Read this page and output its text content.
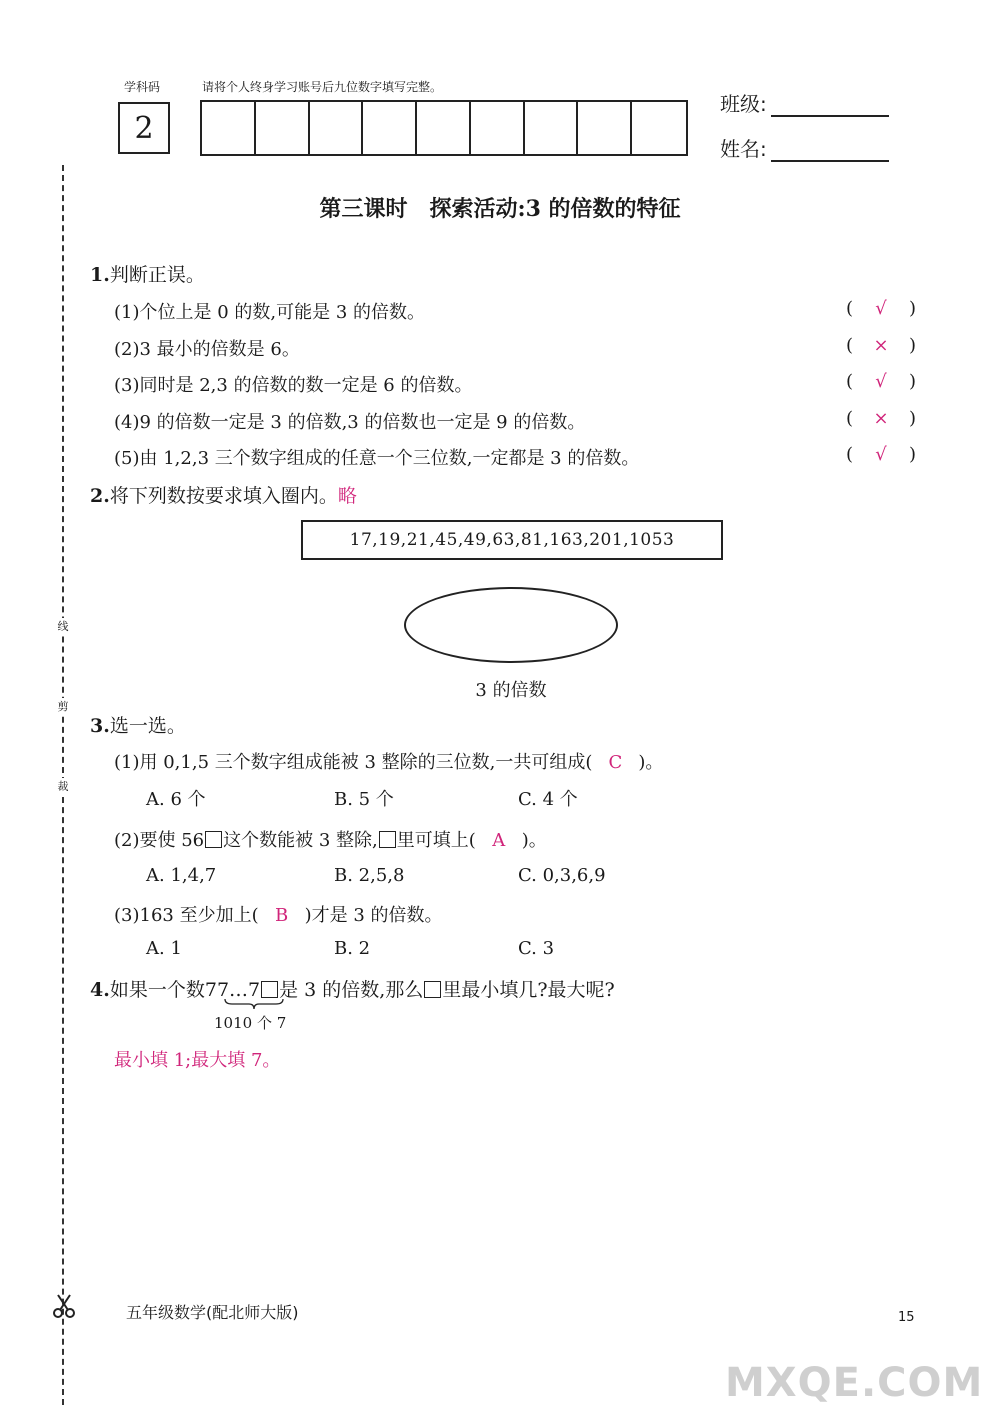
学科码	请将个人终身学习账号后九位数字填写完整。
2
班级:
姓名:
线
剪
裁
第三课时　探索活动:3 的倍数的特征
1.判断正误。
(1)个位上是 0 的数,可能是 3 的倍数。	( √ )
(2)3 最小的倍数是 6。	( × )
(3)同时是 2,3 的倍数的数一定是 6 的倍数。	( √ )
(4)9 的倍数一定是 3 的倍数,3 的倍数也一定是 9 的倍数。	( × )
(5)由 1,2,3 三个数字组成的任意一个三位数,一定都是 3 的倍数。	( √ )
2.将下列数按要求填入圈内。略
17,19,21,45,49,63,81,163,201,1053
3 的倍数
3.选一选。
(1)用 0,1,5 三个数字组成能被 3 整除的三位数,一共可组成( C )。
A. 6 个	B. 5 个	C. 4 个
(2)要使 56 这个数能被 3 整除, 里可填上( A )。
A. 1,4,7	B. 2,5,8	C. 0,3,6,9
(3)163 至少加上( B )才是 3 的倍数。
A. 1	B. 2	C. 3
4.如果一个数77…7 是 3 的倍数,那么 里最小填几?最大呢?
1010 个 7
最小填 1;最大填 7。
五年级数学(配北师大版)	15
MXQE.COM
